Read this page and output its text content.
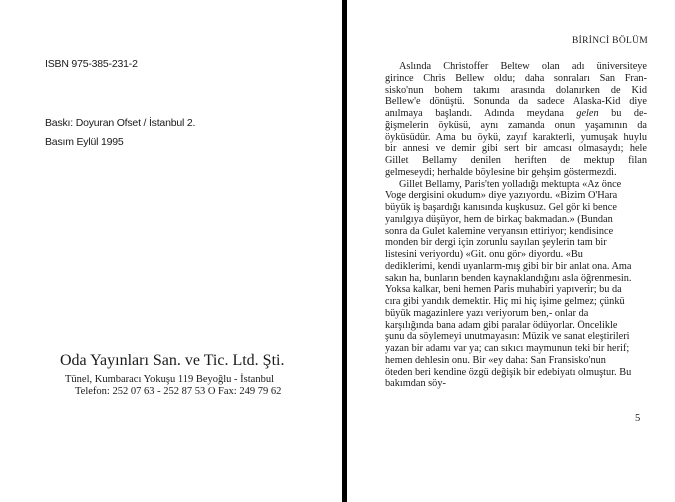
ISBN 975-385-231-2
Baskı: Doyuran Ofset / İstanbul 2.
Basım Eylül 1995
Oda Yayınları San. ve Tic. Ltd. Şti.
Tünel, Kumbaracı Yokuşu 119 Beyoğlu - İstanbul
Telefon: 252 07 63 - 252 87 53 O Fax: 249 79 62
BİRİNCİ BÖLÜM
Aslında Christoffer Beltew olan adı üniversiteye
girince Chris Bellew oldu; daha sonraları San Fran-
sisko'nun bohem takımı arasında dolanırken de Kid
Bellew'e dönüştü. Sonunda da sadece Alaska-Kid diye
anılmaya başlandı. Adında meydana gelen bu de-
ğişmelerin öyküsü, aynı zamanda onun yaşamının da
öyküsüdür. Ama bu öykü, zayıf karakterli, yumuşak huylu
bir annesi ve demir gibi sert bir amcası olmasaydı; hele
Gillet Bellamy denilen heriften de mektup filan
gelmeseydi; herhalde böylesine bir gehşim göstermezdi.
Gillet Bellamy, Paris'ten yolladığı mektupta «Az önce
Voge dergisini okudum» diye yazıyordu. «Bizim O'Hara
büyük iş başardığı kanısında kuşkusuz. Gel gör ki bence
yanılgıya düşüyor, hem de birkaç bakmadan.» (Bundan
sonra da Gulet kalemine veryansın ettiriyor; kendisince
monden bir dergi için zorunlu sayılan şeylerin tam bir
listesini veriyordu) «Git. onu gör» diyordu. «Bu
dediklerimi, kendi uyanlarm-mış gibi bir bir anlat ona. Ama
sakın ha, bunların benden kaynaklandığını asla öğrenmesin.
Yoksa kalkar, beni hemen Paris muhabiri yapıverir; bu da
cıra gibi yandık demektir. Hiç mi hiç işime gelmez; çünkü
büyük magazinlere yazı veriyorum ben,- onlar da
karşılığında bana adam gibi paralar ödüyorlar. Öncelikle
şunu da söylemeyi unutmayasın: Müzik ve sanat eleştirileri
yazan bir adamı var ya; can sıkıcı maymunun teki bir herif;
hemen dehlesin onu. Bir «ey daha: San Fransisko'nun
öteden beri kendine özgü değişik bir edebiyatı olmuştur. Bu
bakımdan söy-
5
